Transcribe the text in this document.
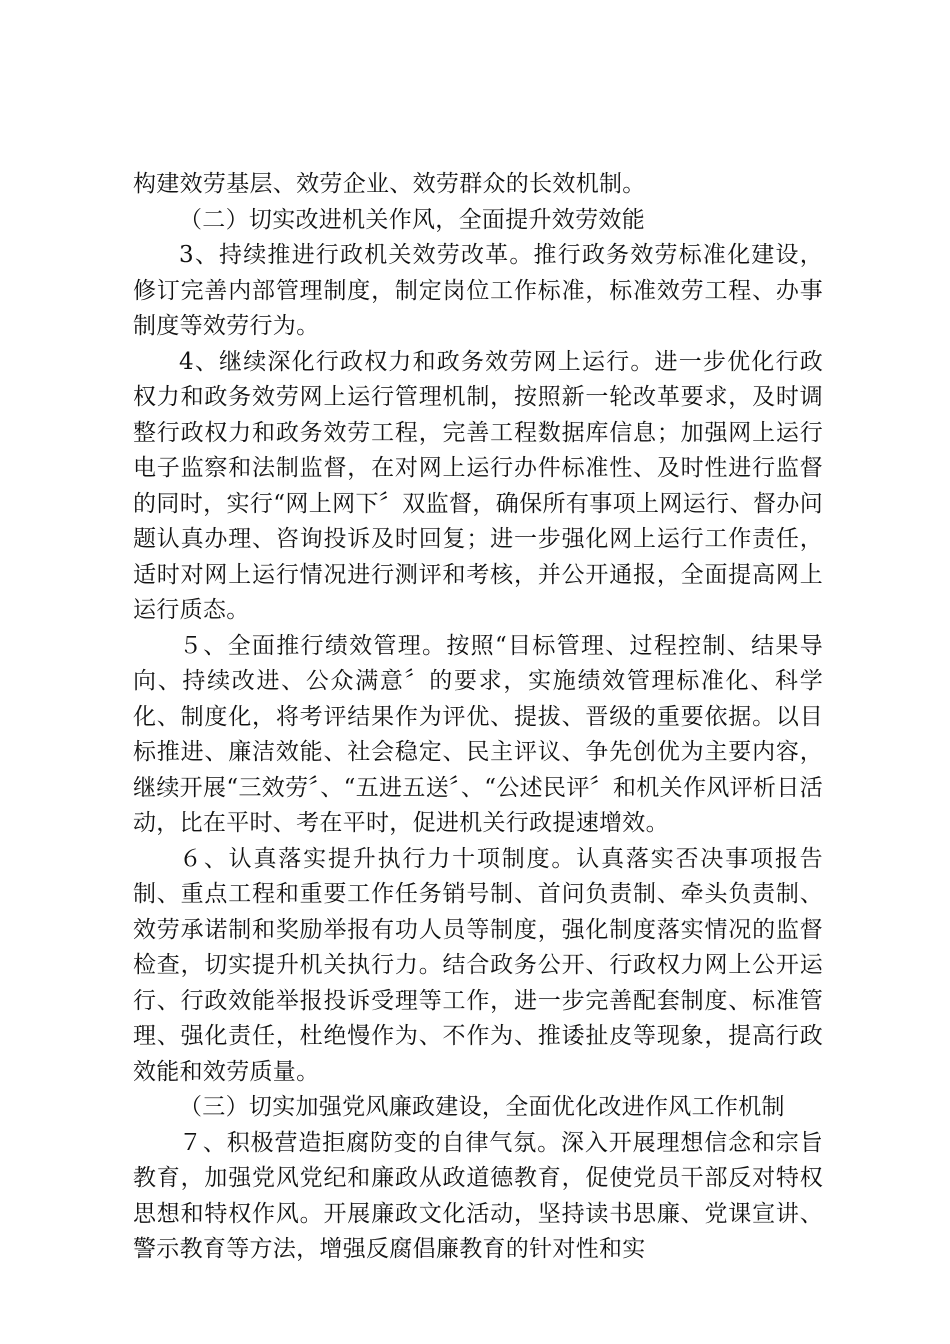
构建效劳基层、效劳企业、效劳群众的长效机制。

（二）切实改进机关作风，全面提升效劳效能

3、持续推进行政机关效劳改革。推行政务效劳标准化建设，修订完善内部管理制度，制定岗位工作标准，标准效劳工程、办事制度等效劳行为。

4、继续深化行政权力和政务效劳网上运行。进一步优化行政权力和政务效劳网上运行管理机制，按照新一轮改革要求，及时调整行政权力和政务效劳工程，完善工程数据库信息；加强网上运行电子监察和法制监督，在对网上运行办件标准性、及时性进行监督的同时，实行“网上网下〞双监督，确保所有事项上网运行、督办问题认真办理、咨询投诉及时回复；进一步强化网上运行工作责任，适时对网上运行情况进行测评和考核，并公开通报，全面提高网上运行质态。

５、全面推行绩效管理。按照“目标管理、过程控制、结果导向、持续改进、公众满意〞的要求，实施绩效管理标准化、科学化、制度化，将考评结果作为评优、提拔、晋级的重要依据。以目标推进、廉洁效能、社会稳定、民主评议、争先创优为主要内容，继续开展“三效劳〞、“五进五送〞、“公述民评〞和机关作风评析日活动，比在平时、考在平时，促进机关行政提速增效。

６、认真落实提升执行力十项制度。认真落实否决事项报告制、重点工程和重要工作任务销号制、首问负责制、牵头负责制、效劳承诺制和奖励举报有功人员等制度，强化制度落实情况的监督检查，切实提升机关执行力。结合政务公开、行政权力网上公开运行、行政效能举报投诉受理等工作，进一步完善配套制度、标准管理、强化责任，杜绝慢作为、不作为、推诿扯皮等现象，提高行政效能和效劳质量。

（三）切实加强党风廉政建设，全面优化改进作风工作机制

７、积极营造拒腐防变的自律气氛。深入开展理想信念和宗旨教育，加强党风党纪和廉政从政道德教育，促使党员干部反对特权思想和特权作风。开展廉政文化活动，坚持读书思廉、党课宣讲、警示教育等方法，增强反腐倡廉教育的针对性和实
